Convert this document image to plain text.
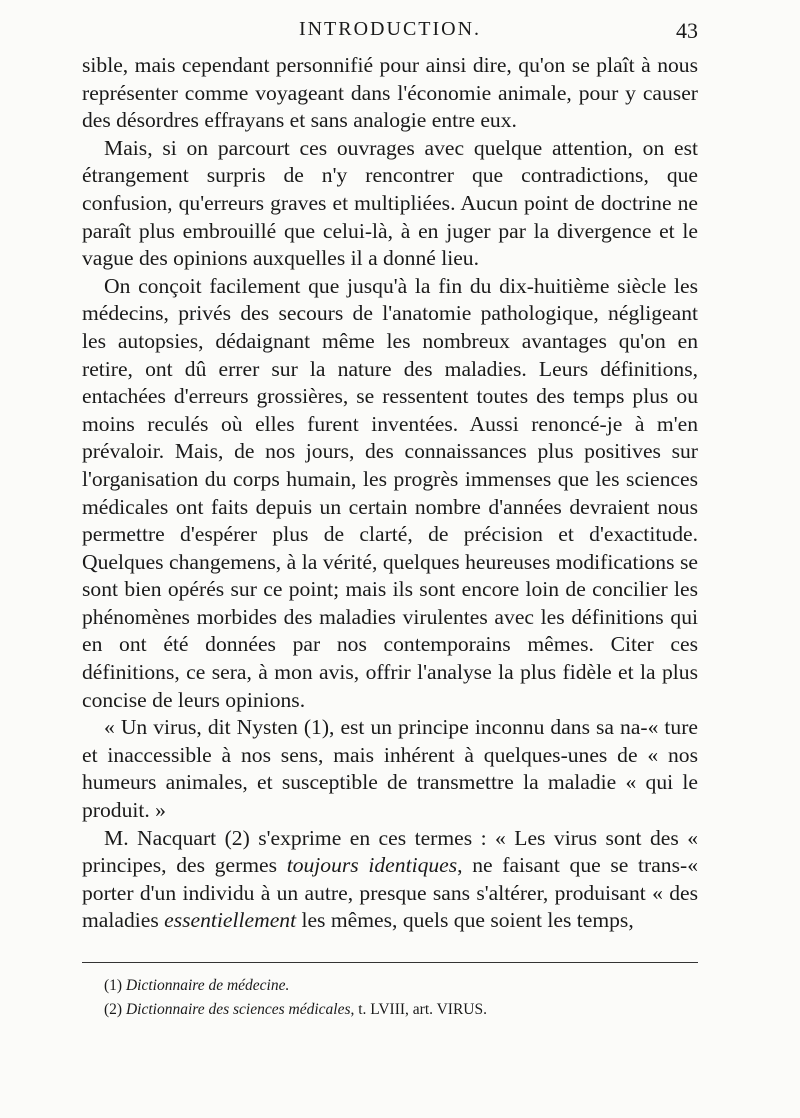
INTRODUCTION.	43

sible, mais cependant personnifié pour ainsi dire, qu'on se plaît à nous représenter comme voyageant dans l'économie animale, pour y causer des désordres effrayans et sans analogie entre eux.

Mais, si on parcourt ces ouvrages avec quelque attention, on est étrangement surpris de n'y rencontrer que contradictions, que confusion, qu'erreurs graves et multipliées. Aucun point de doctrine ne paraît plus embrouillé que celui-là, à en juger par la divergence et le vague des opinions auxquelles il a donné lieu.

On conçoit facilement que jusqu'à la fin du dix-huitième siècle les médecins, privés des secours de l'anatomie pathologique, négligeant les autopsies, dédaignant même les nombreux avantages qu'on en retire, ont dû errer sur la nature des maladies. Leurs définitions, entachées d'erreurs grossières, se ressentent toutes des temps plus ou moins reculés où elles furent inventées. Aussi renoncé-je à m'en prévaloir. Mais, de nos jours, des connaissances plus positives sur l'organisation du corps humain, les progrès immenses que les sciences médicales ont faits depuis un certain nombre d'années devraient nous permettre d'espérer plus de clarté, de précision et d'exactitude. Quelques changemens, à la vérité, quelques heureuses modifications se sont bien opérés sur ce point; mais ils sont encore loin de concilier les phénomènes morbides des maladies virulentes avec les définitions qui en ont été données par nos contemporains mêmes. Citer ces définitions, ce sera, à mon avis, offrir l'analyse la plus fidèle et la plus concise de leurs opinions.

« Un virus, dit Nysten (1), est un principe inconnu dans sa na-« ture et inaccessible à nos sens, mais inhérent à quelques-unes de « nos humeurs animales, et susceptible de transmettre la maladie « qui le produit. »

M. Nacquart (2) s'exprime en ces termes : « Les virus sont des « principes, des germes toujours identiques, ne faisant que se trans-« porter d'un individu à un autre, presque sans s'altérer, produisant « des maladies essentiellement les mêmes, quels que soient les temps,

(1) Dictionnaire de médecine.

(2) Dictionnaire des sciences médicales, t. LVIII, art. VIRUS.
